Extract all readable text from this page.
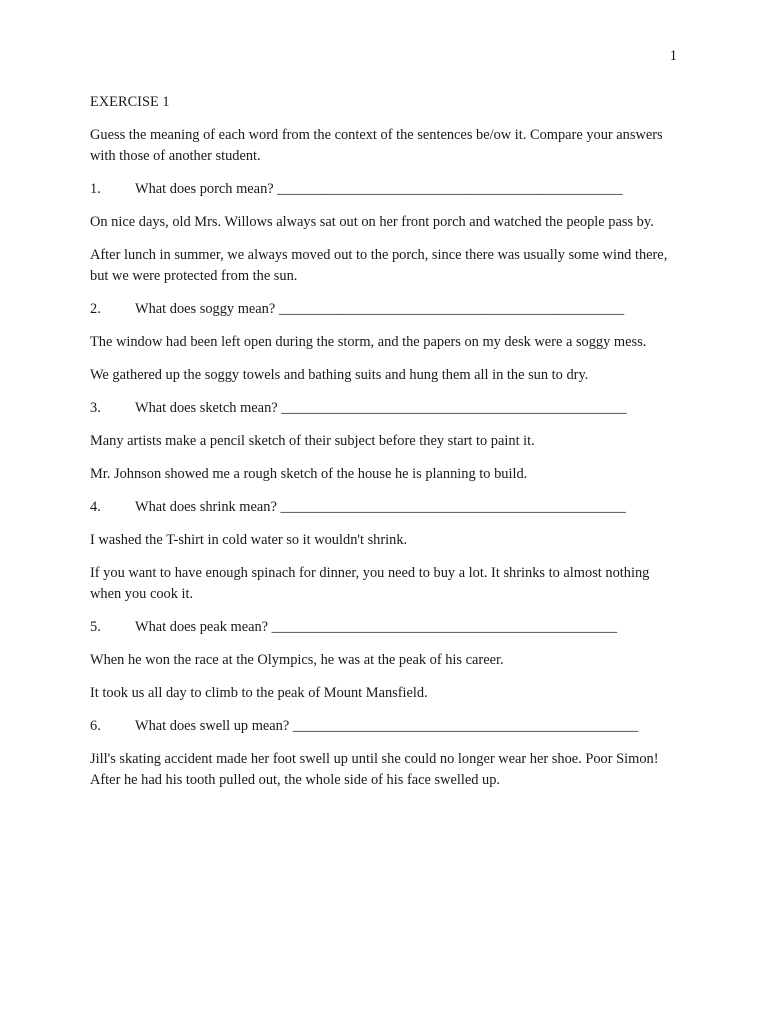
1
EXERCISE 1
Guess the meaning of each word from the context of the sentences be/ow it. Compare your answers with those of another student.
1. What does porch mean? ________________________________________________
On nice days, old Mrs. Willows always sat out on her front porch and watched the people pass by.
After lunch in summer, we always moved out to the porch, since there was usually some wind there, but we were protected from the sun.
2. What does soggy mean? ________________________________________________
The window had been left open during the storm, and the papers on my desk were a soggy mess.
We gathered up the soggy towels and bathing suits and hung them all in the sun to dry.
3. What does sketch mean? ________________________________________________
Many artists make a pencil sketch of their subject before they start to paint it.
Mr. Johnson showed me a rough sketch of the house he is planning to build.
4. What does shrink mean? ________________________________________________
I washed the T-shirt in cold water so it wouldn't shrink.
If you want to have enough spinach for dinner, you need to buy a lot. It shrinks to almost nothing when you cook it.
5. What does peak mean? ________________________________________________
When he won the race at the Olympics, he was at the peak of his career.
It took us all day to climb to the peak of Mount Mansfield.
6. What does swell up mean? ________________________________________________
Jill's skating accident made her foot swell up until she could no longer wear her shoe. Poor Simon! After he had his tooth pulled out, the whole side of his face swelled up.
